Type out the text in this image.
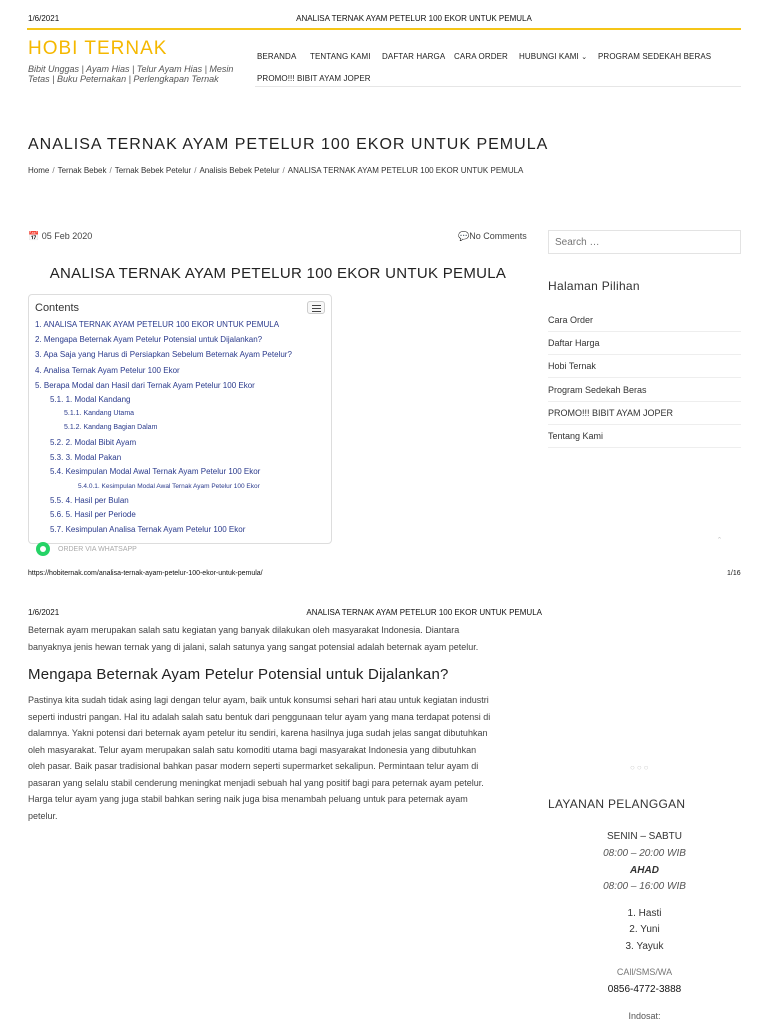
1/6/2021	ANALISA TERNAK AYAM PETELUR 100 EKOR UNTUK PEMULA
HOBI TERNAK
Bibit Unggas | Ayam Hias | Telur Ayam Hias | Mesin Tetas | Buku Peternakan | Perlengkapan Ternak
BERANDA TENTANG KAMI DAFTAR HARGA CARA ORDER HUBUNGI KAMI ⌄ PROGRAM SEDEKAH BERAS
PROMO!!! BIBIT AYAM JOPER
ANALISA TERNAK AYAM PETELUR 100 EKOR UNTUK PEMULA
Home / Ternak Bebek / Ternak Bebek Petelur / Analisis Bebek Petelur / ANALISA TERNAK AYAM PETELUR 100 EKOR UNTUK PEMULA
📅 05 Feb 2020	💬No Comments
ANALISA TERNAK AYAM PETELUR 100 EKOR UNTUK PEMULA
Contents
1. ANALISA TERNAK AYAM PETELUR 100 EKOR UNTUK PEMULA
2. Mengapa Beternak Ayam Petelur Potensial untuk Dijalankan?
3. Apa Saja yang Harus di Persiapkan Sebelum Beternak Ayam Petelur?
4. Analisa Ternak Ayam Petelur 100 Ekor
5. Berapa Modal dan Hasil dari Ternak Ayam Petelur 100 Ekor
5.1. 1. Modal Kandang
5.1.1. Kandang Utama
5.1.2. Kandang Bagian Dalam
5.2. 2. Modal Bibit Ayam
5.3. 3. Modal Pakan
5.4. Kesimpulan Modal Awal Ternak Ayam Petelur 100 Ekor
5.4.0.1. Kesimpulan Modal Awal Ternak Ayam Petelur 100 Ekor
5.5. 4. Hasil per Bulan
5.6. 5. Hasil per Periode
5.7. Kesimpulan Analisa Ternak Ayam Petelur 100 Ekor
ORDER VIA WHATSAPP
ˆ
https://hobiternak.com/analisa-ternak-ayam-petelur-100-ekor-untuk-pemula/	1/16
1/6/2021	ANALISA TERNAK AYAM PETELUR 100 EKOR UNTUK PEMULA
Search …
Halaman Pilihan
Cara Order
Daftar Harga
Hobi Ternak
Program Sedekah Beras
PROMO!!! BIBIT AYAM JOPER
Tentang Kami
Beternak ayam merupakan salah satu kegiatan yang banyak dilakukan oleh masyarakat Indonesia. Diantara
banyaknya jenis hewan ternak yang di jalani, salah satunya yang sangat potensial adalah beternak ayam petelur.
Mengapa Beternak Ayam Petelur Potensial untuk Dijalankan?
Pastinya kita sudah tidak asing lagi dengan telur ayam, baik untuk konsumsi sehari hari atau untuk kegiatan industri
seperti industri pangan. Hal itu adalah salah satu bentuk dari penggunaan telur ayam yang mana terdapat potensi di
dalamnya. Yakni potensi dari beternak ayam petelur itu sendiri, karena hasilnya juga sudah jelas sangat dibutuhkan
oleh masyarakat. Telur ayam merupakan salah satu komoditi utama bagi masyarakat Indonesia yang dibutuhkan
oleh pasar. Baik pasar tradisional bahkan pasar modern seperti supermarket sekalipun. Permintaan telur ayam di
pasaran yang selalu stabil cenderung meningkat menjadi sebuah hal yang positif bagi para peternak ayam petelur.
Harga telur ayam yang juga stabil bahkan sering naik juga bisa menambah peluang untuk para peternak ayam
petelur.
○○○
LAYANAN PELANGGAN
SENIN – SABTU
08:00 – 20:00 WIB
AHAD
08:00 – 16:00 WIB
1. Hasti
2. Yuni
3. Yayuk
CAll/SMS/WA
0856-4772-3888
Indosat:
